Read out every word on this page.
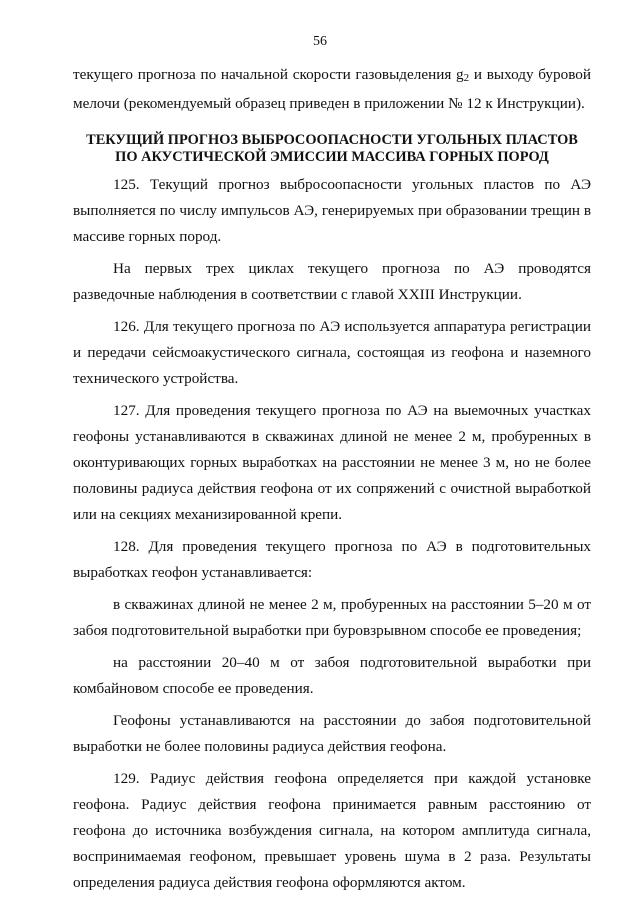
56

текущего прогноза по начальной скорости газовыделения $g_2$ и выходу буровой мелочи (рекомендуемый образец приведен в приложении № 12 к Инструкции).

ТЕКУЩИЙ ПРОГНОЗ ВЫБРОСООПАСНОСТИ УГОЛЬНЫХ ПЛАСТОВ
ПО АКУСТИЧЕСКОЙ ЭМИССИИ МАССИВА ГОРНЫХ ПОРОД

125. Текущий прогноз выбросоопасности угольных пластов по АЭ выполняется по числу импульсов АЭ, генерируемых при образовании трещин в массиве горных пород.

На первых трех циклах текущего прогноза по АЭ проводятся разведочные наблюдения в соответствии с главой XXIII Инструкции.

126. Для текущего прогноза по АЭ используется аппаратура регистрации и передачи сейсмоакустического сигнала, состоящая из геофона и наземного технического устройства.

127. Для проведения текущего прогноза по АЭ на выемочных участках геофоны устанавливаются в скважинах длиной не менее 2 м, пробуренных в оконтуривающих горных выработках на расстоянии не менее 3 м, но не более половины радиуса действия геофона от их сопряжений с очистной выработкой или на секциях механизированной крепи.

128. Для проведения текущего прогноза по АЭ в подготовительных выработках геофон устанавливается:

в скважинах длиной не менее 2 м, пробуренных на расстоянии 5–20 м от забоя подготовительной выработки при буровзрывном способе ее проведения;

на расстоянии 20–40 м от забоя подготовительной выработки при комбайновом способе ее проведения.

Геофоны устанавливаются на расстоянии до забоя подготовительной выработки не более половины радиуса действия геофона.

129. Радиус действия геофона определяется при каждой установке геофона. Радиус действия геофона принимается равным расстоянию от геофона до источника возбуждения сигнала, на котором амплитуда сигнала, воспринимаемая геофоном, превышает уровень шума в 2 раза. Результаты определения радиуса действия геофона оформляются актом.
